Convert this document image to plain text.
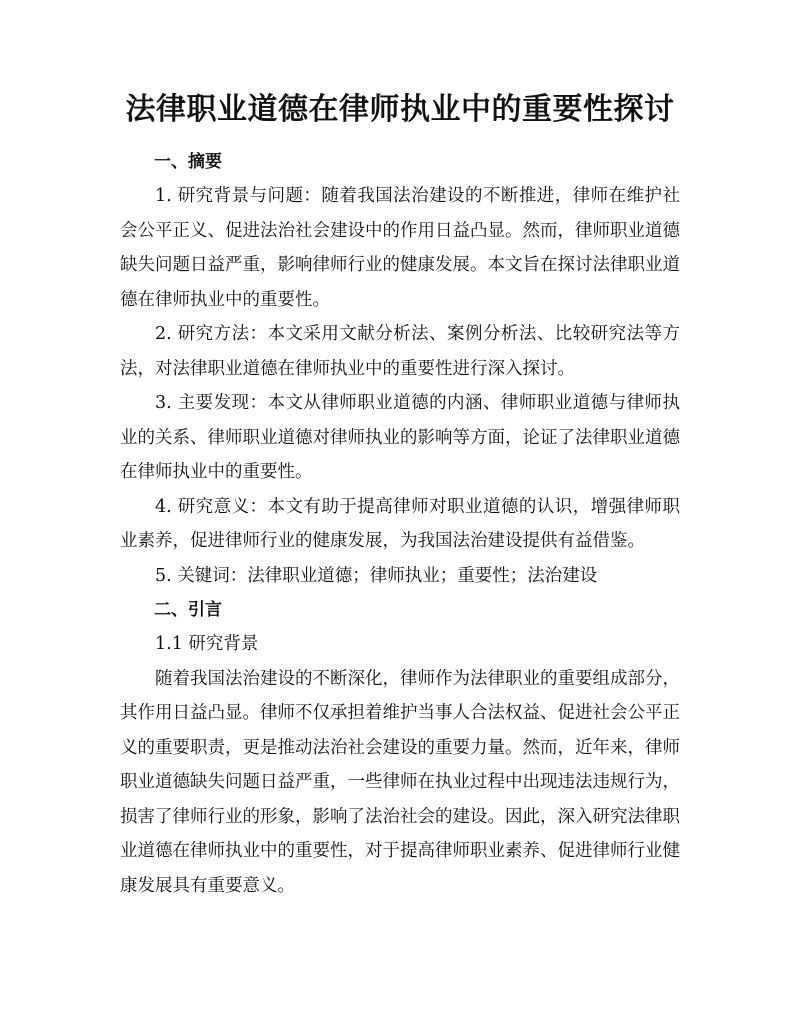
法律职业道德在律师执业中的重要性探讨
一、摘要

1. 研究背景与问题：随着我国法治建设的不断推进，律师在维护社会公平正义、促进法治社会建设中的作用日益凸显。然而，律师职业道德缺失问题日益严重，影响律师行业的健康发展。本文旨在探讨法律职业道德在律师执业中的重要性。

2. 研究方法：本文采用文献分析法、案例分析法、比较研究法等方法，对法律职业道德在律师执业中的重要性进行深入探讨。

3. 主要发现：本文从律师职业道德的内涵、律师职业道德与律师执业的关系、律师职业道德对律师执业的影响等方面，论证了法律职业道德在律师执业中的重要性。

4. 研究意义：本文有助于提高律师对职业道德的认识，增强律师职业素养，促进律师行业的健康发展，为我国法治建设提供有益借鉴。

5. 关键词：法律职业道德；律师执业；重要性；法治建设

二、引言

1.1 研究背景

随着我国法治建设的不断深化，律师作为法律职业的重要组成部分，其作用日益凸显。律师不仅承担着维护当事人合法权益、促进社会公平正义的重要职责，更是推动法治社会建设的重要力量。然而，近年来，律师职业道德缺失问题日益严重，一些律师在执业过程中出现违法违规行为，损害了律师行业的形象，影响了法治社会的建设。因此，深入研究法律职业道德在律师执业中的重要性，对于提高律师职业素养、促进律师行业健康发展具有重要意义。
